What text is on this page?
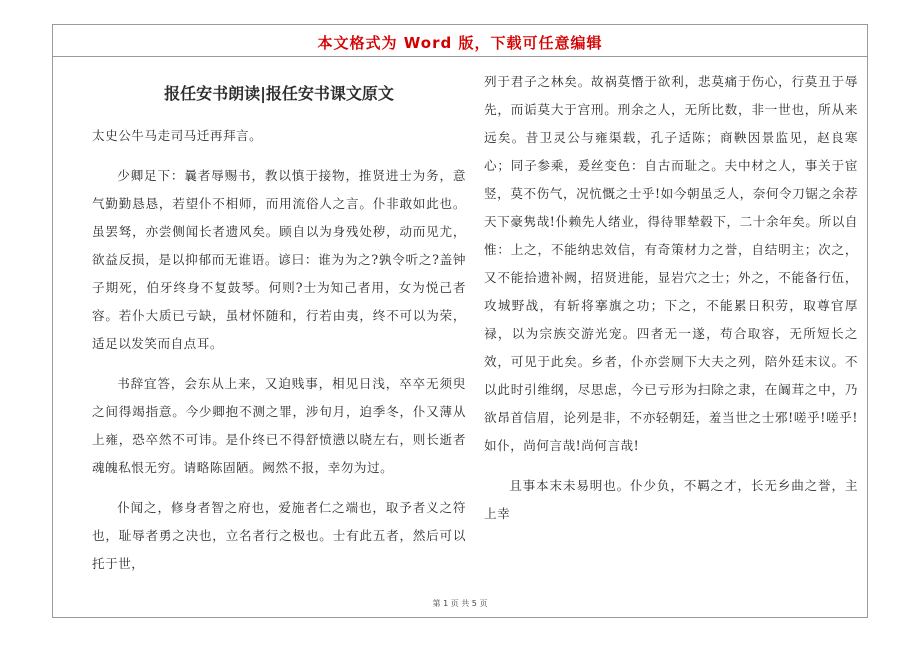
本文格式为 Word 版，下载可任意编辑
报任安书朗读|报任安书课文原文

太史公牛马走司马迁再拜言。

少卿足下：曩者辱赐书，教以慎于接物，推贤进士为务，意气勤勤恳恳，若望仆不相师，而用流俗人之言。仆非敢如此也。虽罢驽，亦尝侧闻长者遗风矣。顾自以为身残处秽，动而见尤，欲益反损，是以抑郁而无谁语。谚曰：谁为为之?孰令听之?盖钟子期死，伯牙终身不复鼓琴。何则?士为知己者用，女为悦己者容。若仆大质已亏缺，虽材怀随和，行若由夷，终不可以为荣，适足以发笑而自点耳。

书辞宜答，会东从上来，又迫贱事，相见日浅，卒卒无须臾之间得竭指意。今少卿抱不测之罪，涉旬月，迫季冬，仆又薄从上雍，恐卒然不可讳。是仆终已不得舒愤懑以晓左右，则长逝者魂魄私恨无穷。请略陈固陋。阙然不报，幸勿为过。

仆闻之，修身者智之府也，爱施者仁之端也，取予者义之符也，耻辱者勇之决也，立名者行之极也。士有此五者，然后可以托于世，

列于君子之林矣。故祸莫憯于欲利，悲莫痛于伤心，行莫丑于辱先，而诟莫大于宫刑。刑余之人，无所比数，非一世也，所从来远矣。昔卫灵公与雍渠载，孔子适陈；商鞅因景监见，赵良寒心；同子参乘，爰丝变色：自古而耻之。夫中材之人，事关于宦竖，莫不伤气，况忼慨之士乎!如今朝虽乏人，奈何令刀锯之余荐天下豪隽哉!仆赖先人绪业，得待罪辇毂下，二十余年矣。所以自惟：上之，不能纳忠效信，有奇策材力之誉，自结明主；次之，又不能拾遗补阙，招贤进能，显岩穴之士；外之，不能备行伍，攻城野战，有斩将搴旗之功；下之，不能累日积劳，取尊官厚禄，以为宗族交游光宠。四者无一遂，苟合取容，无所短长之效，可见于此矣。乡者，仆亦尝厕下大夫之列，陪外廷末议。不以此时引维纲，尽思虑，今已亏形为扫除之隶，在阘茸之中，乃欲昂首信眉，论列是非，不亦轻朝廷，羞当世之士邪!嗟乎!嗟乎!如仆，尚何言哉!尚何言哉!

且事本末未易明也。仆少负，不羁之才，长无乡曲之誉，主上幸

第 1 页 共 5 页
